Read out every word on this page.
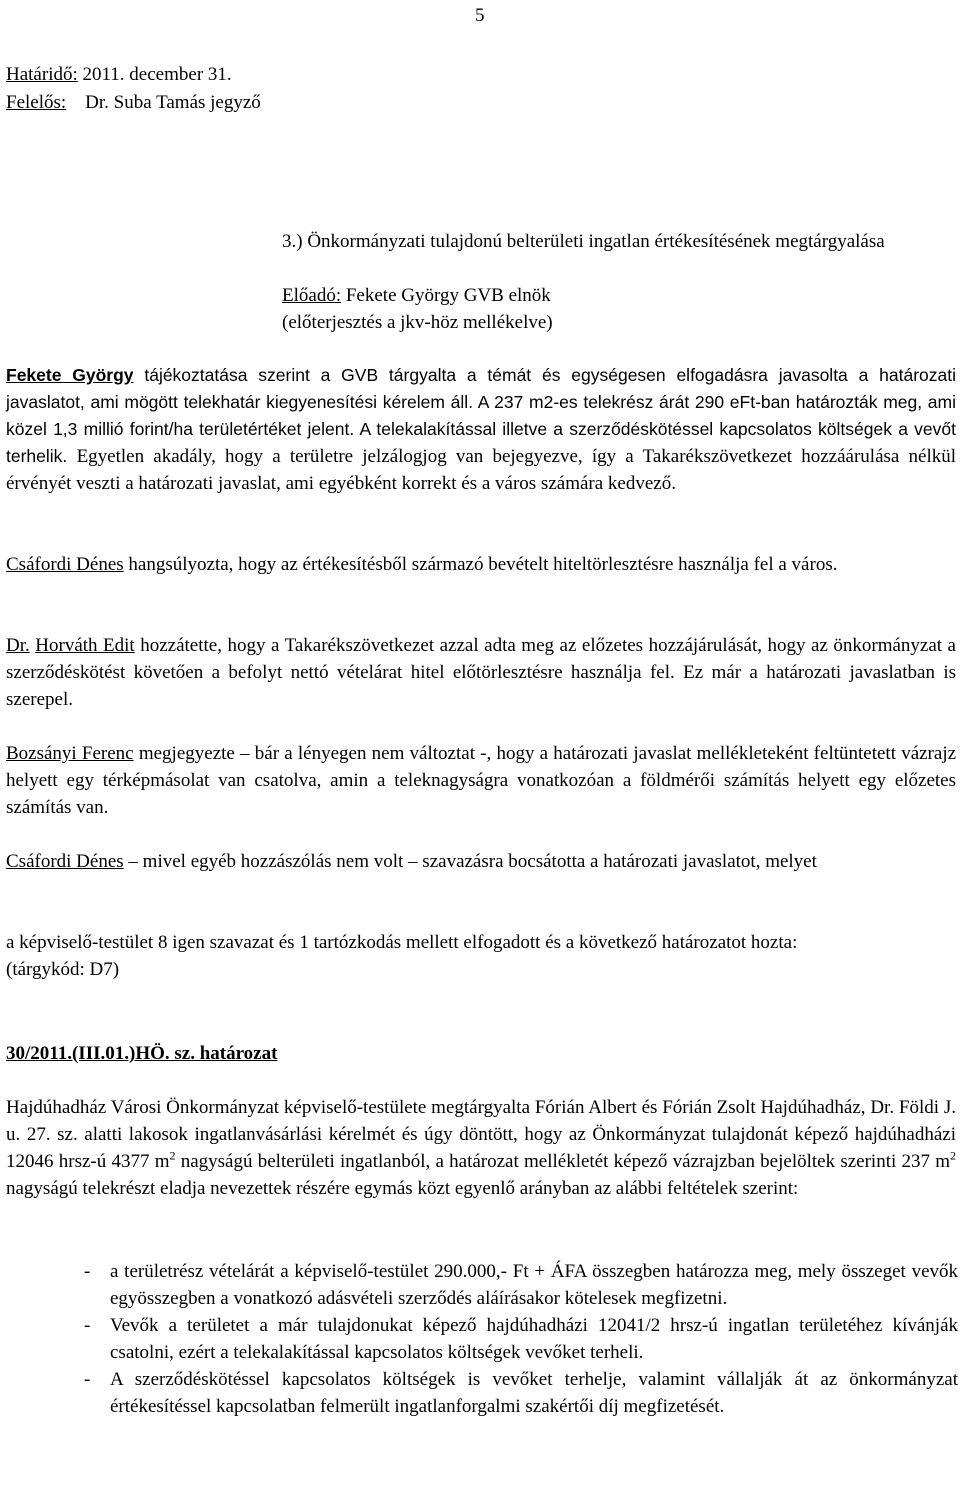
5
Határidő: 2011. december 31.
Felelős: Dr. Suba Tamás jegyző
3.) Önkormányzati tulajdonú belterületi ingatlan értékesítésének megtárgyalása
Előadó: Fekete György GVB elnök
(előterjesztés a jkv-höz mellékelve)

Fekete György tájékoztatása szerint a GVB tárgyalta a témát és egységesen elfogadásra javasolta a határozati javaslatot, ami mögött telekhatár kiegyenesítési kérelem áll. A 237 m2-es telekrész árát 290 eFt-ban határozták meg, ami közel 1,3 millió forint/ha területértéket jelent. A telekalakítással illetve a szerződéskötéssel kapcsolatos költségek a vevőt terhelik. Egyetlen akadály, hogy a területre jelzálogjog van bejegyezve, így a Takarékszövetkezet hozzáárulása nélkül érvényét veszti a határozati javaslat, ami egyébként korrekt és a város számára kedvező.

Csáfordi Dénes hangsúlyozta, hogy az értékesítésből származó bevételt hiteltörlesztésre használja fel a város.

Dr. Horváth Edit hozzátette, hogy a Takarékszövetkezet azzal adta meg az előzetes hozzájárulását, hogy az önkormányzat a szerződéskötést követően a befolyt nettó vételárat hitel előtörlesztésre használja fel. Ez már a határozati javaslatban is szerepel.

Bozsányi Ferenc megjegyezte – bár a lényegen nem változtat -, hogy a határozati javaslat mellékleteként feltüntetett vázrajz helyett egy térképmásolat van csatolva, amin a teleknagyságra vonatkozóan a földmérői számítás helyett egy előzetes számítás van.

Csáfordi Dénes – mivel egyéb hozzászólás nem volt – szavazásra bocsátotta a határozati javaslatot, melyet

a képviselő-testület 8 igen szavazat és 1 tartózkodás mellett elfogadott és a következő határozatot hozta:
(tárgykód: D7)

30/2011.(III.01.)HÖ. sz. határozat

Hajdúhadház Városi Önkormányzat képviselő-testülete megtárgyalta Fórián Albert és Fórián Zsolt Hajdúhadház, Dr. Földi J. u. 27. sz. alatti lakosok ingatlanvásárlási kérelmét és úgy döntött, hogy az Önkormányzat tulajdonát képező hajdúhadházi 12046 hrsz-ú 4377 $m^2$ nagyságú belterületi ingatlanból, a határozat mellékletét képező vázrajzban bejelöltek szerinti 237 $m^2$ nagyságú telekrészt eladja nevezettek részére egymás közt egyenlő arányban az alábbi feltételek szerint:

- a területrész vételárát a képviselő-testület 290.000,- Ft + ÁFA összegben határozza meg, mely összeget vevők egyösszegben a vonatkozó adásvételi szerződés aláírásakor kötelesek megfizetni.
- Vevők a területet a már tulajdonukat képező hajdúhadházi 12041/2 hrsz-ú ingatlan területéhez kívánják csatolni, ezért a telekalakítással kapcsolatos költségek vevőket terheli.
- A szerződéskötéssel kapcsolatos költségek is vevőket terhelje, valamint vállalják át az önkormányzat értékesítéssel kapcsolatban felmerült ingatlanforgalmi szakértői díj megfizetését.
